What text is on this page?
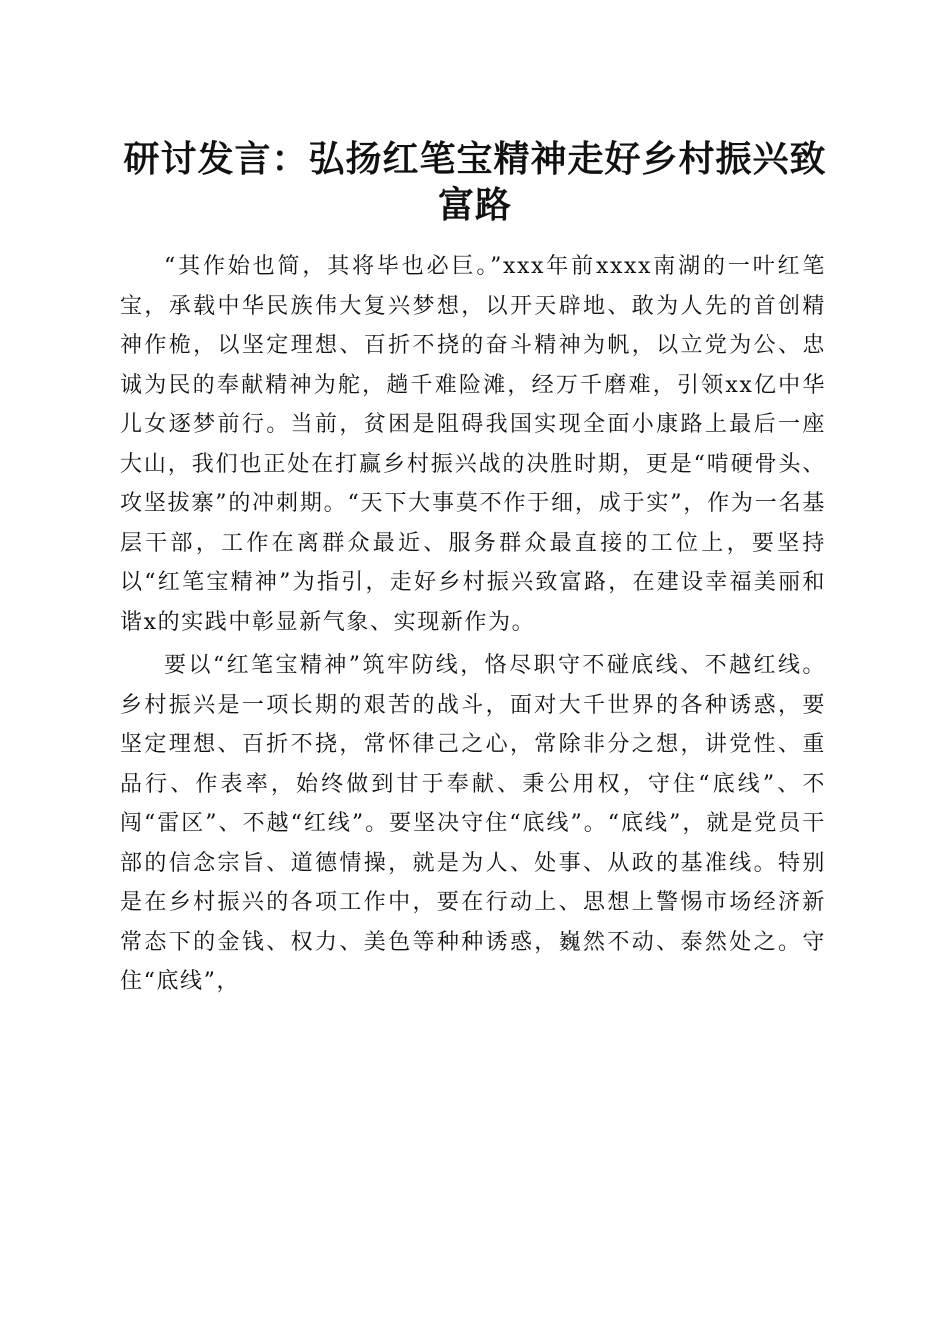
研讨发言：弘扬红笔宝精神走好乡村振兴致富路

“其作始也简，其将毕也必巨。”xxx年前xxxx南湖的一叶红笔宝，承载中华民族伟大复兴梦想，以开天辟地、敢为人先的首创精神作桅，以坚定理想、百折不挠的奋斗精神为帆，以立党为公、忠诚为民的奉献精神为舵，趟千难险滩，经万千磨难，引领xx亿中华儿女逐梦前行。当前，贫困是阻碍我国实现全面小康路上最后一座大山，我们也正处在打赢乡村振兴战的决胜时期，更是“啃硬骨头、攻坚拔寨”的冲刺期。“天下大事莫不作于细，成于实”，作为一名基层干部，工作在离群众最近、服务群众最直接的工位上，要坚持以“红笔宝精神”为指引，走好乡村振兴致富路，在建设幸福美丽和谐x的实践中彰显新气象、实现新作为。

要以“红笔宝精神”筑牢防线，恪尽职守不碰底线、不越红线。乡村振兴是一项长期的艰苦的战斗，面对大千世界的各种诱惑，要坚定理想、百折不挠，常怀律己之心，常除非分之想，讲党性、重品行、作表率，始终做到甘于奉献、秉公用权，守住“底线”、不闯“雷区”、不越“红线”。要坚决守住“底线”。“底线”，就是党员干部的信念宗旨、道德情操，就是为人、处事、从政的基准线。特别是在乡村振兴的各项工作中，要在行动上、思想上警惕市场经济新常态下的金钱、权力、美色等种种诱惑，巍然不动、泰然处之。守住“底线”，
